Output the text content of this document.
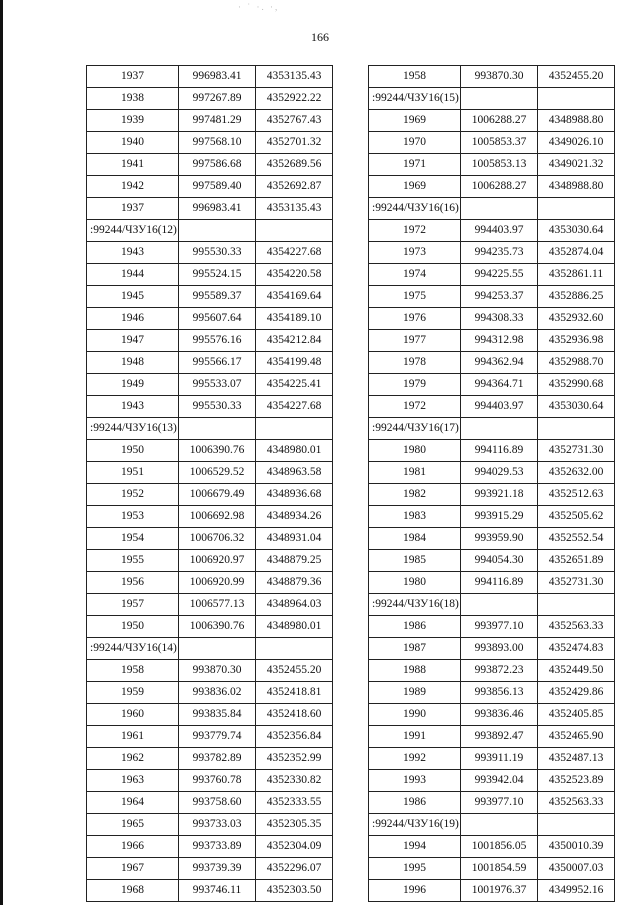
· ˙ ·. ·,
166
1937	996983.41	4353135.43
1938	997267.89	4352922.22
1939	997481.29	4352767.43
1940	997568.10	4352701.32
1941	997586.68	4352689.56
1942	997589.40	4352692.87
1937	996983.41	4353135.43
:99244/ЧЗУ16(12)		
1943	995530.33	4354227.68
1944	995524.15	4354220.58
1945	995589.37	4354169.64
1946	995607.64	4354189.10
1947	995576.16	4354212.84
1948	995566.17	4354199.48
1949	995533.07	4354225.41
1943	995530.33	4354227.68
:99244/ЧЗУ16(13)		
1950	1006390.76	4348980.01
1951	1006529.52	4348963.58
1952	1006679.49	4348936.68
1953	1006692.98	4348934.26
1954	1006706.32	4348931.04
1955	1006920.97	4348879.25
1956	1006920.99	4348879.36
1957	1006577.13	4348964.03
1950	1006390.76	4348980.01
:99244/ЧЗУ16(14)		
1958	993870.30	4352455.20
1959	993836.02	4352418.81
1960	993835.84	4352418.60
1961	993779.74	4352356.84
1962	993782.89	4352352.99
1963	993760.78	4352330.82
1964	993758.60	4352333.55
1965	993733.03	4352305.35
1966	993733.89	4352304.09
1967	993739.39	4352296.07
1968	993746.11	4352303.50
1958	993870.30	4352455.20
:99244/ЧЗУ16(15)		
1969	1006288.27	4348988.80
1970	1005853.37	4349026.10
1971	1005853.13	4349021.32
1969	1006288.27	4348988.80
:99244/ЧЗУ16(16)		
1972	994403.97	4353030.64
1973	994235.73	4352874.04
1974	994225.55	4352861.11
1975	994253.37	4352886.25
1976	994308.33	4352932.60
1977	994312.98	4352936.98
1978	994362.94	4352988.70
1979	994364.71	4352990.68
1972	994403.97	4353030.64
:99244/ЧЗУ16(17)		
1980	994116.89	4352731.30
1981	994029.53	4352632.00
1982	993921.18	4352512.63
1983	993915.29	4352505.62
1984	993959.90	4352552.54
1985	994054.30	4352651.89
1980	994116.89	4352731.30
:99244/ЧЗУ16(18)		
1986	993977.10	4352563.33
1987	993893.00	4352474.83
1988	993872.23	4352449.50
1989	993856.13	4352429.86
1990	993836.46	4352405.85
1991	993892.47	4352465.90
1992	993911.19	4352487.13
1993	993942.04	4352523.89
1986	993977.10	4352563.33
:99244/ЧЗУ16(19)		
1994	1001856.05	4350010.39
1995	1001854.59	4350007.03
1996	1001976.37	4349952.16
